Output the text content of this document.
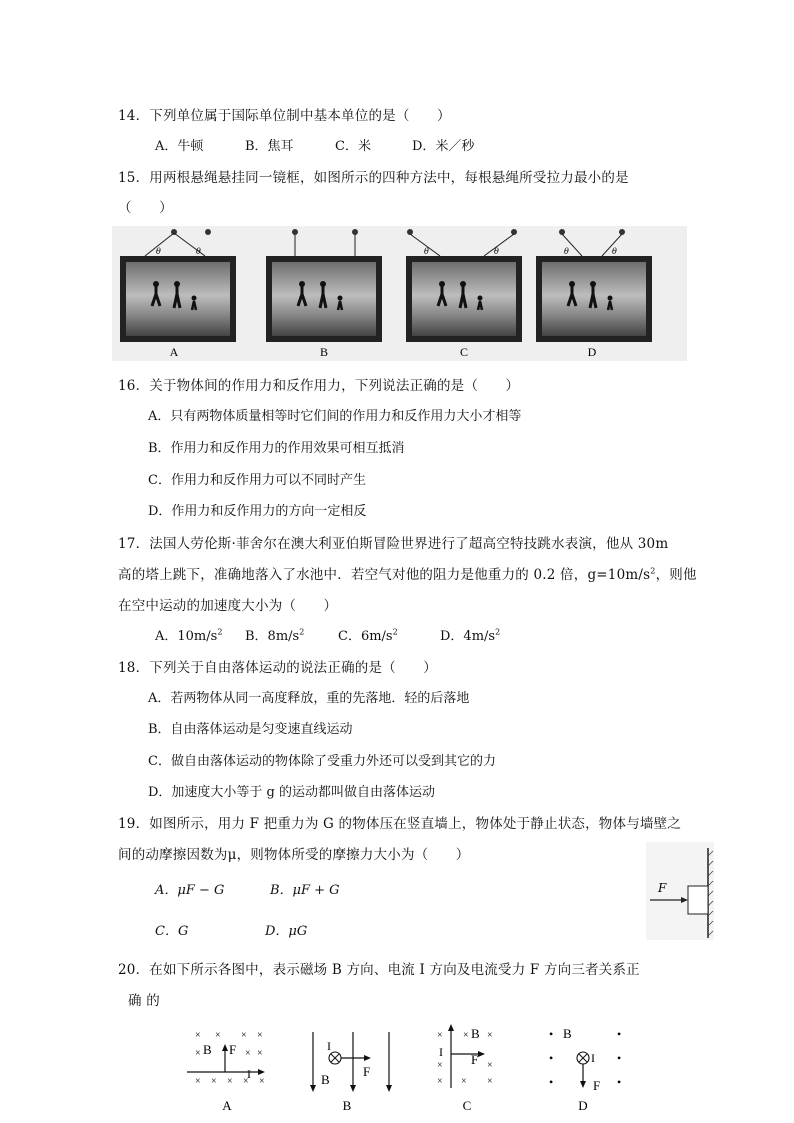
14．下列单位属于国际单位制中基本单位的是（　　）
A．牛顿	B．焦耳	C．米	D．米／秒
15．用两根悬绳悬挂同一镜框，如图所示的四种方法中，每根悬绳所受拉力最小的是
（　　）
θ	θ	θ	θ	θ	θ
A	B	C	D
16．关于物体间的作用力和反作用力，下列说法正确的是（　　）
A．只有两物体质量相等时它们间的作用力和反作用力大小才相等
B．作用力和反作用力的作用效果可相互抵消
C．作用力和反作用力可以不同时产生
D．作用力和反作用力的方向一定相反
17．法国人劳伦斯·菲舍尔在澳大利亚伯斯冒险世界进行了超高空特技跳水表演，他从 30m
高的塔上跳下，准确地落入了水池中．若空气对他的阻力是他重力的 0.2 倍，$g=10m/s^2$，则他
在空中运动的加速度大小为（　　）
A．$10m/s^2$ B．$8m/s^2$	C．$6m/s^2$	D．$4m/s^2$
18．下列关于自由落体运动的说法正确的是（　　）
A．若两物体从同一高度释放，重的先落地．轻的后落地
B．自由落体运动是匀变速直线运动
C．做自由落体运动的物体除了受重力外还可以受到其它的力
D．加速度大小等于 g 的运动都叫做自由落体运动
19．如图所示，用力 F 把重力为 G 的物体压在竖直墙上，物体处于静止状态，物体与墙壁之
间的动摩擦因数为μ，则物体所受的摩擦力大小为（　　）
A．μF − G	B．μF + G
C．G	D．μG
F
20．在如下所示各图中，表示磁场 B 方向、电流 I 方向及电流受力 F 方向三者关系正
确 的
× × × ×
×	× ×
× × × × ×
B F
I
A
I
B
F
B
× × ×
×	×
× × ×
B
F
I
C
•	•
•	•
•	•
B
I
F
D
